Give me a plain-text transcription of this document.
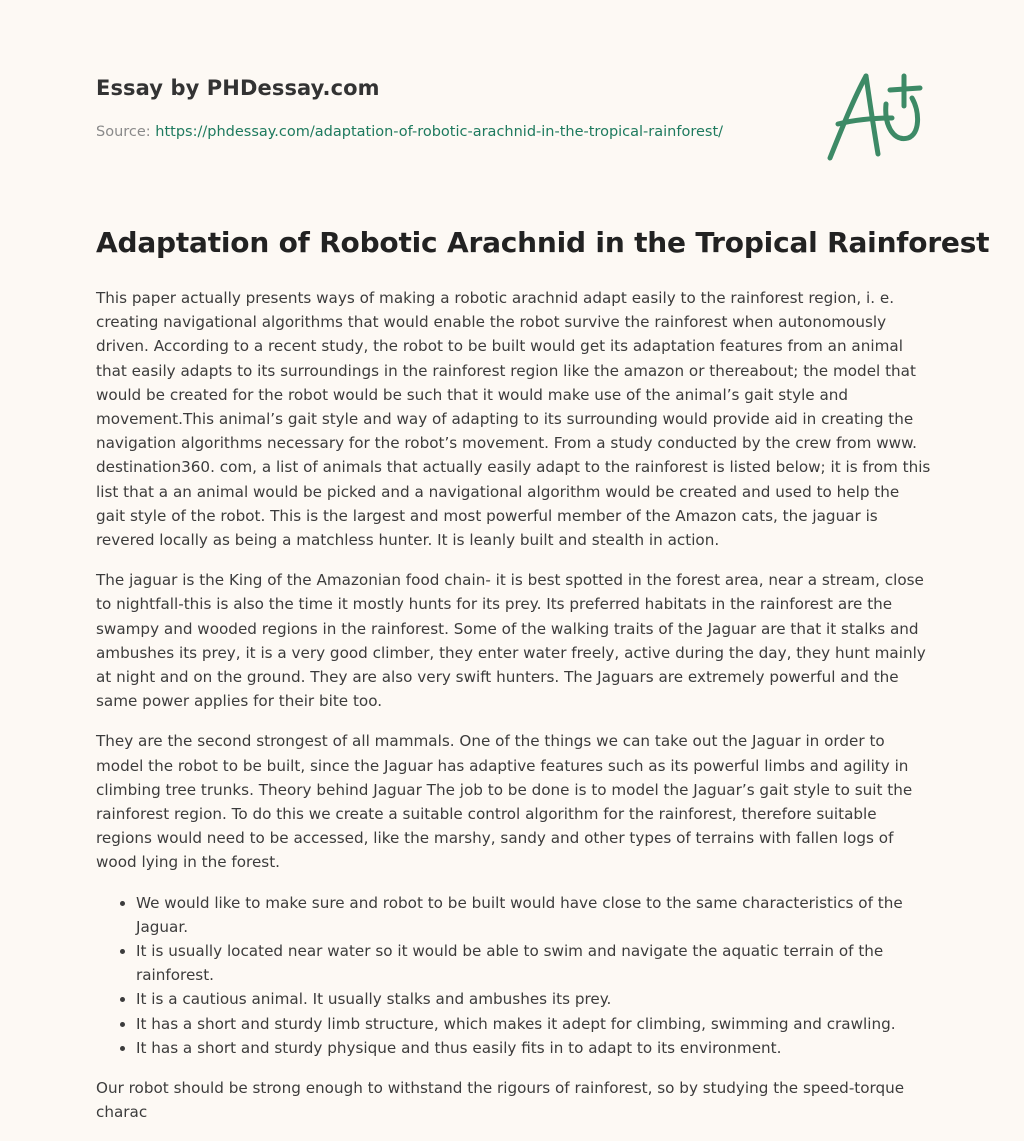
Essay by PHDessay.com

Source: https://phdessay.com/adaptation-of-robotic-arachnid-in-the-tropical-rainforest/

Adaptation of Robotic Arachnid in the Tropical Rainforest

This paper actually presents ways of making a robotic arachnid adapt easily to the rainforest region, i. e. creating navigational algorithms that would enable the robot survive the rainforest when autonomously driven. According to a recent study, the robot to be built would get its adaptation features from an animal that easily adapts to its surroundings in the rainforest region like the amazon or thereabout; the model that would be created for the robot would be such that it would make use of the animal’s gait style and movement.This animal’s gait style and way of adapting to its surrounding would provide aid in creating the navigation algorithms necessary for the robot’s movement. From a study conducted by the crew from www. destination360. com, a list of animals that actually easily adapt to the rainforest is listed below; it is from this list that a an animal would be picked and a navigational algorithm would be created and used to help the gait style of the robot. This is the largest and most powerful member of the Amazon cats, the jaguar is revered locally as being a matchless hunter. It is leanly built and stealth in action.

The jaguar is the King of the Amazonian food chain- it is best spotted in the forest area, near a stream, close to nightfall-this is also the time it mostly hunts for its prey. Its preferred habitats in the rainforest are the swampy and wooded regions in the rainforest. Some of the walking traits of the Jaguar are that it stalks and ambushes its prey, it is a very good climber, they enter water freely, active during the day, they hunt mainly at night and on the ground. They are also very swift hunters. The Jaguars are extremely powerful and the same power applies for their bite too.

They are the second strongest of all mammals. One of the things we can take out the Jaguar in order to model the robot to be built, since the Jaguar has adaptive features such as its powerful limbs and agility in climbing tree trunks. Theory behind Jaguar The job to be done is to model the Jaguar’s gait style to suit the rainforest region. To do this we create a suitable control algorithm for the rainforest, therefore suitable regions would need to be accessed, like the marshy, sandy and other types of terrains with fallen logs of wood lying in the forest.

• We would like to make sure and robot to be built would have close to the same characteristics of the Jaguar.
• It is usually located near water so it would be able to swim and navigate the aquatic terrain of the rainforest.
• It is a cautious animal. It usually stalks and ambushes its prey.
• It has a short and sturdy limb structure, which makes it adept for climbing, swimming and crawling.
• It has a short and sturdy physique and thus easily fits in to adapt to its environment.

Our robot should be strong enough to withstand the rigours of rainforest, so by studying the speed-torque charac
